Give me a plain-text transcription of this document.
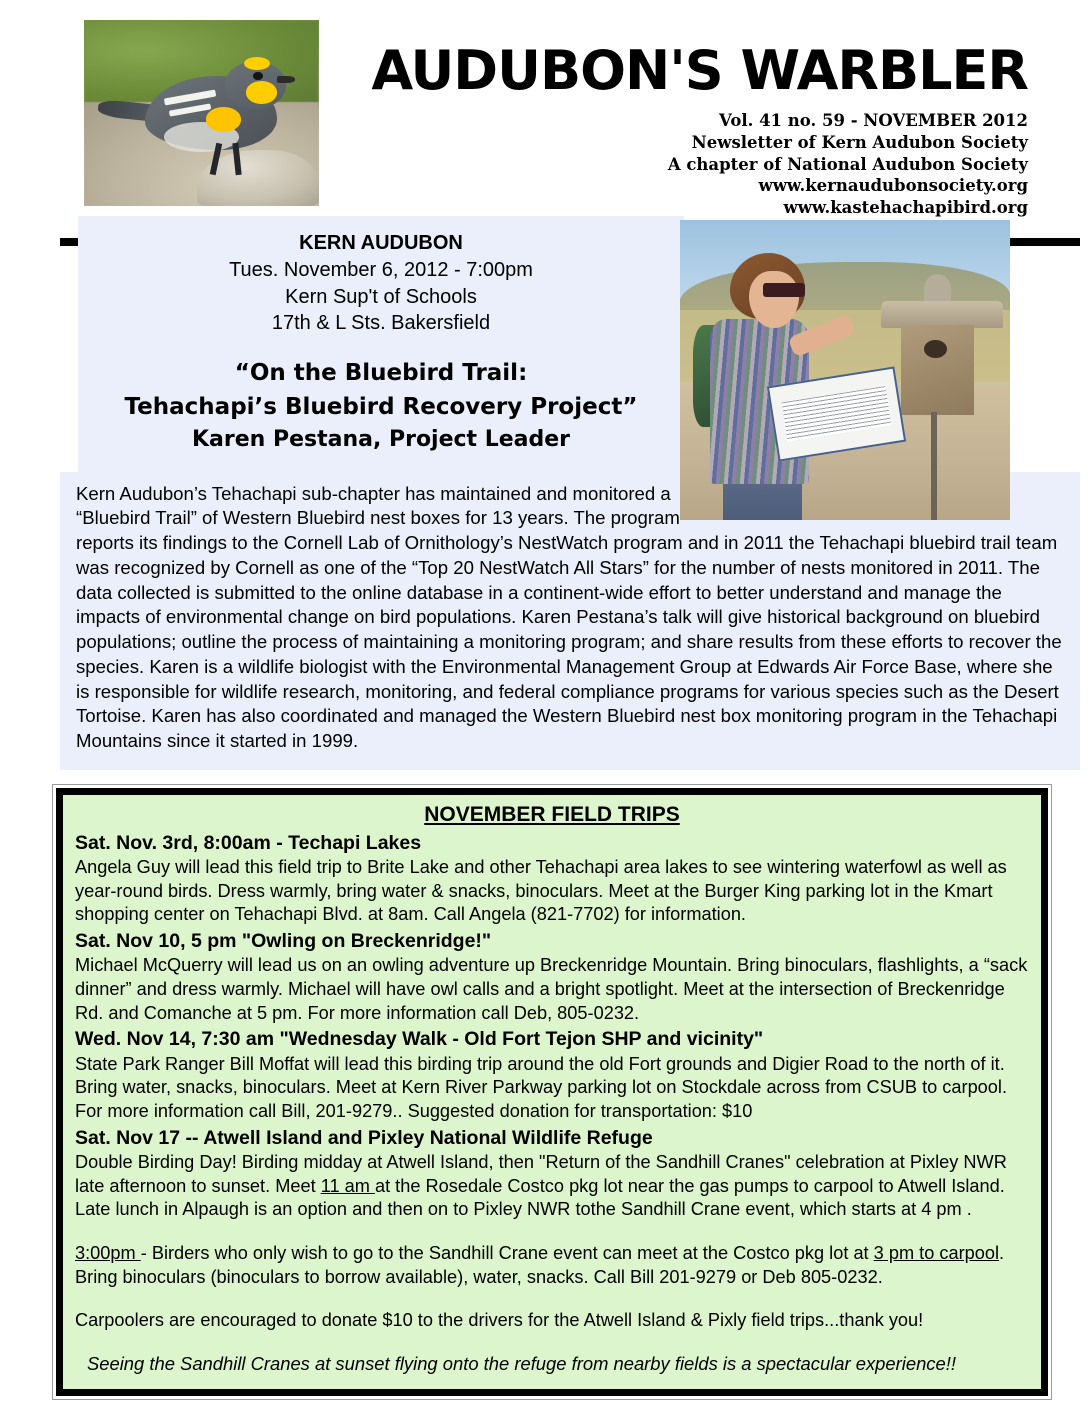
AUDUBON'S WARBLER
Vol. 41 no. 59 - NOVEMBER 2012
Newsletter of Kern Audubon Society
A chapter of National Audubon Society
www.kernaudubonsociety.org
www.kastehachapibird.org
KERN AUDUBON
Tues. November 6, 2012 - 7:00pm
Kern Sup't of Schools
17th & L Sts. Bakersfield
“On the Bluebird Trail:
Tehachapi’s Bluebird Recovery Project”
Karen Pestana, Project Leader
Kern Audubon’s Tehachapi sub-chapter has maintained and monitored a “Bluebird Trail” of Western Bluebird nest boxes for 13 years. The program reports its findings to the Cornell Lab of Ornithology’s NestWatch program and in 2011 the Tehachapi bluebird trail team was recognized by Cornell as one of the “Top 20 NestWatch All Stars” for the number of nests monitored in 2011. The data collected is submitted to the online database in a continent-wide effort to better understand and manage the impacts of environmental change on bird populations. Karen Pestana’s talk will give historical background on bluebird populations; outline the process of maintaining a monitoring program; and share results from these efforts to recover the species. Karen is a wildlife biologist with the Environmental Management Group at Edwards Air Force Base, where she is responsible for wildlife research, monitoring, and federal compliance programs for various species such as the Desert Tortoise. Karen has also coordinated and managed the Western Bluebird nest box monitoring program in the Tehachapi Mountains since it started in 1999.
NOVEMBER FIELD TRIPS
Sat. Nov. 3rd, 8:00am - Techapi Lakes
Angela Guy will lead this field trip to Brite Lake and other Tehachapi area lakes to see wintering waterfowl as well as year-round birds. Dress warmly, bring water & snacks, binoculars. Meet at the Burger King parking lot in the Kmart shopping center on Tehachapi Blvd. at 8am. Call Angela (821-7702) for information.
Sat. Nov 10, 5 pm "Owling on Breckenridge!"
Michael McQuerry will lead us on an owling adventure up Breckenridge Mountain. Bring binoculars, flashlights, a “sack dinner” and dress warmly. Michael will have owl calls and a bright spotlight. Meet at the intersection of Breckenridge Rd. and Comanche at 5 pm. For more information call Deb, 805-0232.
Wed. Nov 14, 7:30 am "Wednesday Walk - Old Fort Tejon SHP and vicinity"
State Park Ranger Bill Moffat will lead this birding trip around the old Fort grounds and Digier Road to the north of it. Bring water, snacks, binoculars. Meet at Kern River Parkway parking lot on Stockdale across from CSUB to carpool. For more information call Bill, 201-9279.. Suggested donation for transportation: $10
Sat. Nov 17 -- Atwell Island and Pixley National Wildlife Refuge
Double Birding Day! Birding midday at Atwell Island, then "Return of the Sandhill Cranes" celebration at Pixley NWR late afternoon to sunset. Meet 11 am at the Rosedale Costco pkg lot near the gas pumps to carpool to Atwell Island. Late lunch in Alpaugh is an option and then on to Pixley NWR tothe Sandhill Crane event, which starts at 4 pm .
3:00pm - Birders who only wish to go to the Sandhill Crane event can meet at the Costco pkg lot at 3 pm to carpool. Bring binoculars (binoculars to borrow available), water, snacks. Call Bill 201-9279 or Deb 805-0232.
Carpoolers are encouraged to donate $10 to the drivers for the Atwell Island & Pixly field trips...thank you!
Seeing the Sandhill Cranes at sunset flying onto the refuge from nearby fields is a spectacular experience!!
